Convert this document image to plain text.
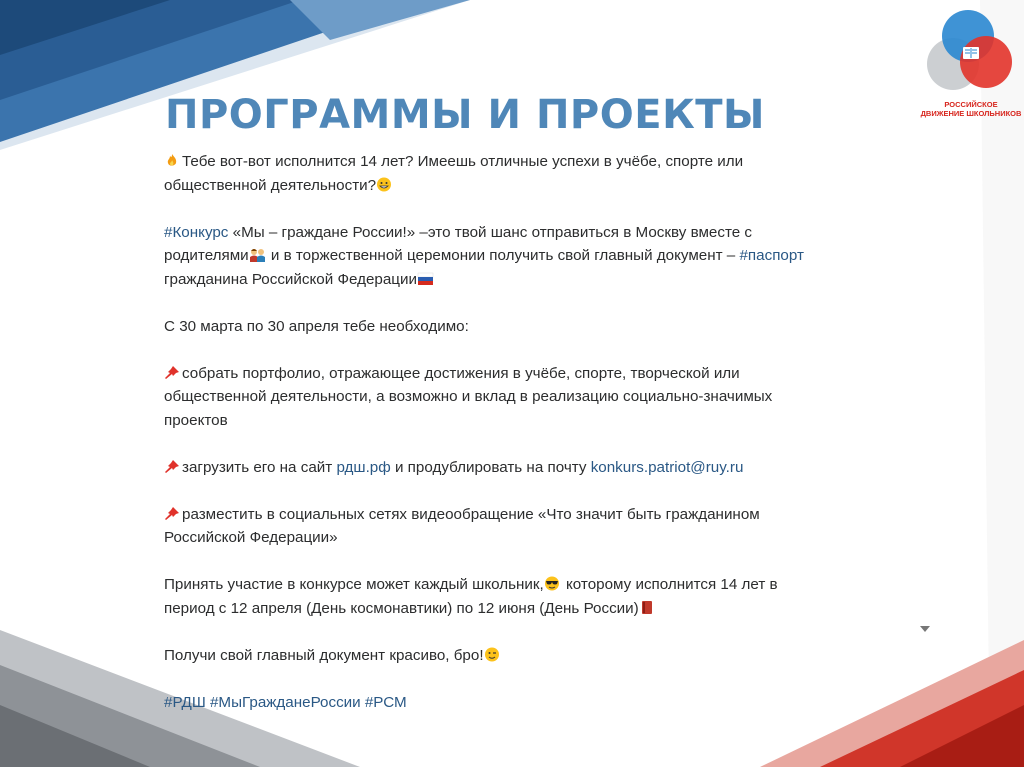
РОССИЙСКОЕ
ДВИЖЕНИЕ ШКОЛЬНИКОВ
ПРОГРАММЫ И ПРОЕКТЫ

Тебе вот-вот исполнится 14 лет? Имеешь отличные успехи в учёбе, спорте или общественной деятельности?

#Конкурс «Мы – граждане России!» –это твой шанс отправиться в Москву вместе с родителями
и в торжественной церемонии получить свой главный документ – #паспорт гражданина Российской Федерации

С 30 марта по 30 апреля тебе необходимо:

собрать портфолио, отражающее достижения в учёбе, спорте, творческой или общественной деятельности, а возможно и вклад в реализацию социально-значимых проектов

загрузить его на сайт рдш.рф и продублировать на почту konkurs.patriot@ruy.ru

разместить в социальных сетях видеообращение «Что значит быть гражданином Российской Федерации»

Принять участие в конкурсе может каждый школьник,
которому исполнится 14 лет в период с 12 апреля (День космонавтики) по 12 июня (День России)

Получи свой главный документ красиво, бро!

#РДШ #МыГражданеРоссии #РСМ
